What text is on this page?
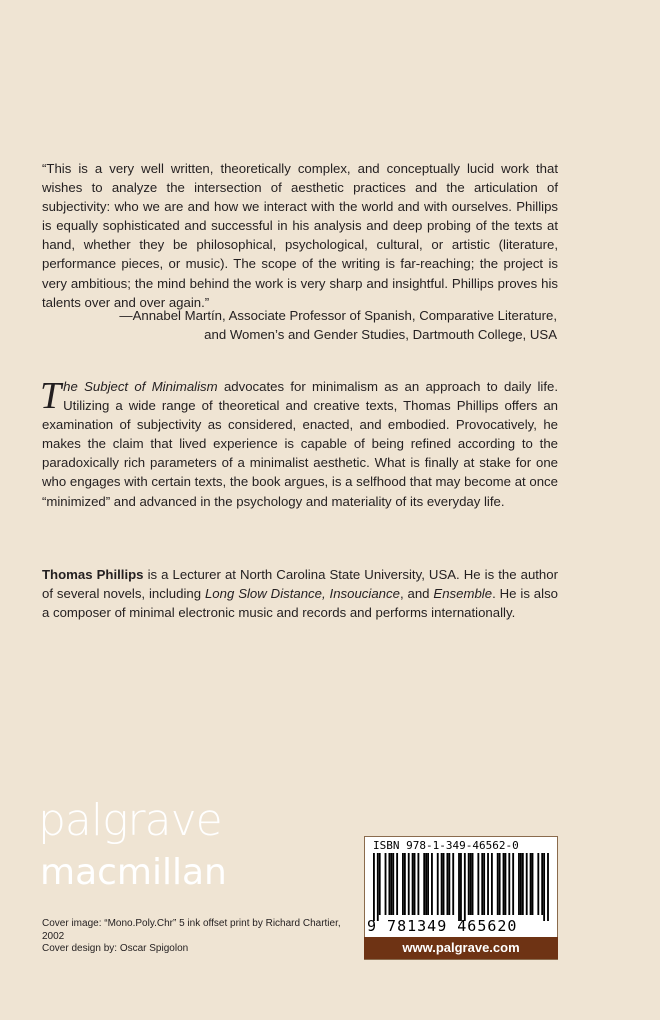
“This is a very well written, theoretically complex, and conceptually lucid work that wishes to analyze the intersection of aesthetic practices and the articulation of subjectivity: who we are and how we interact with the world and with ourselves. Phillips is equally sophisticated and successful in his analysis and deep probing of the texts at hand, whether they be philosophical, psychological, cultural, or artistic (literature, performance pieces, or music). The scope of the writing is far-reaching; the project is very ambitious; the mind behind the work is very sharp and insightful. Phillips proves his talents over and over again.”
—Annabel Martín, Associate Professor of Spanish, Comparative Literature,
and Women’s and Gender Studies, Dartmouth College, USA
The Subject of Minimalism advocates for minimalism as an approach to daily life. Utilizing a wide range of theoretical and creative texts, Thomas Phillips offers an examination of subjectivity as considered, enacted, and embodied. Provocatively, he makes the claim that lived experience is capable of being refined according to the paradoxically rich parameters of a minimalist aesthetic. What is finally at stake for one who engages with certain texts, the book argues, is a selfhood that may become at once “minimized” and advanced in the psychology and materiality of its everyday life.
Thomas Phillips is a Lecturer at North Carolina State University, USA. He is the author of several novels, including Long Slow Distance, Insouciance, and Ensemble. He is also a composer of minimal electronic music and records and performs internationally.
palgrave
macmillan
Cover image: “Mono.Poly.Chr” 5 ink offset print by Richard Chartier, 2002
Cover design by: Oscar Spigolon
ISBN 978-1-349-46562-0
9 781349 465620
www.palgrave.com
